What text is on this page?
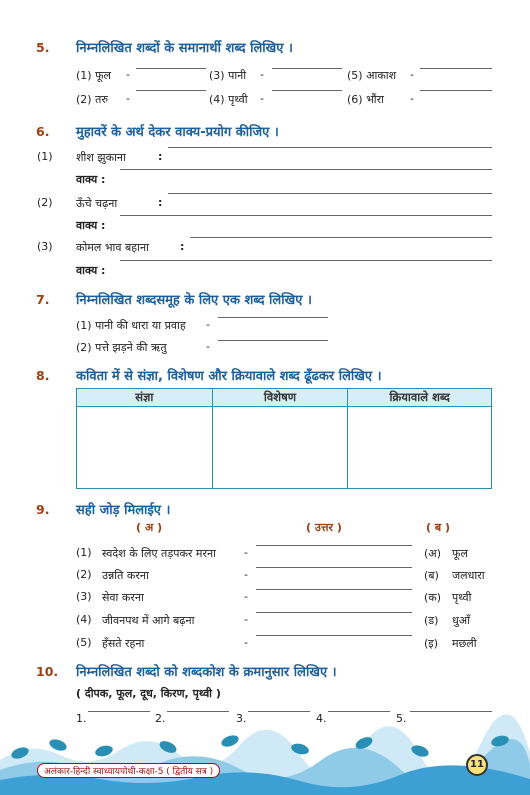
5. निम्नलिखित शब्दों के समानार्थी शब्द लिखिए ।
(1) फूल -	(3) पानी -	(5) आकाश -
(2) तरु -	(4) पृथ्वी -	(6) भौंरा -
6. मुहावरें के अर्थ देकर वाक्य-प्रयोग कीजिए ।
(1) शीश झुकाना	:
वाक्य :
(2) ऊँचे चढ़ना	:
वाक्य :
(3) कोमल भाव बहाना	:
वाक्य :
7. निम्नलिखित शब्दसमूह के लिए एक शब्द लिखिए ।
(1) पानी की धारा या प्रवाह -
(2) पत्ते झड़ने की ऋतु	-
8. कविता में से संज्ञा, विशेषण और क्रियावाले शब्द ढूँढकर लिखिए ।
संज्ञा	विशेषण	क्रियावाले शब्द

9. सही जोड़ मिलाईए ।
( अ )	( उत्तर )	( ब )
(1) स्वदेश के लिए तड़पकर मरना	-	(अ) फूल
(2) उन्नति करना	-	(ब) जलधारा
(3) सेवा करना	-	(क) पृथ्वी
(4) जीवनपथ में आगे बढ़ना	-	(ड) धुआँ
(5) हँसते रहना	-	(इ) मछली
10. निम्नलिखित शब्दो को शब्दकोश के क्रमानुसार लिखिए ।
( दीपक, फूल, दूध, किरण, पृथ्वी )
1.	2.	3.	4.	5.
अलंकार-हिन्दी स्वाध्यायपोथी-कक्षा-5 ( द्वितीय सत्र )
11
